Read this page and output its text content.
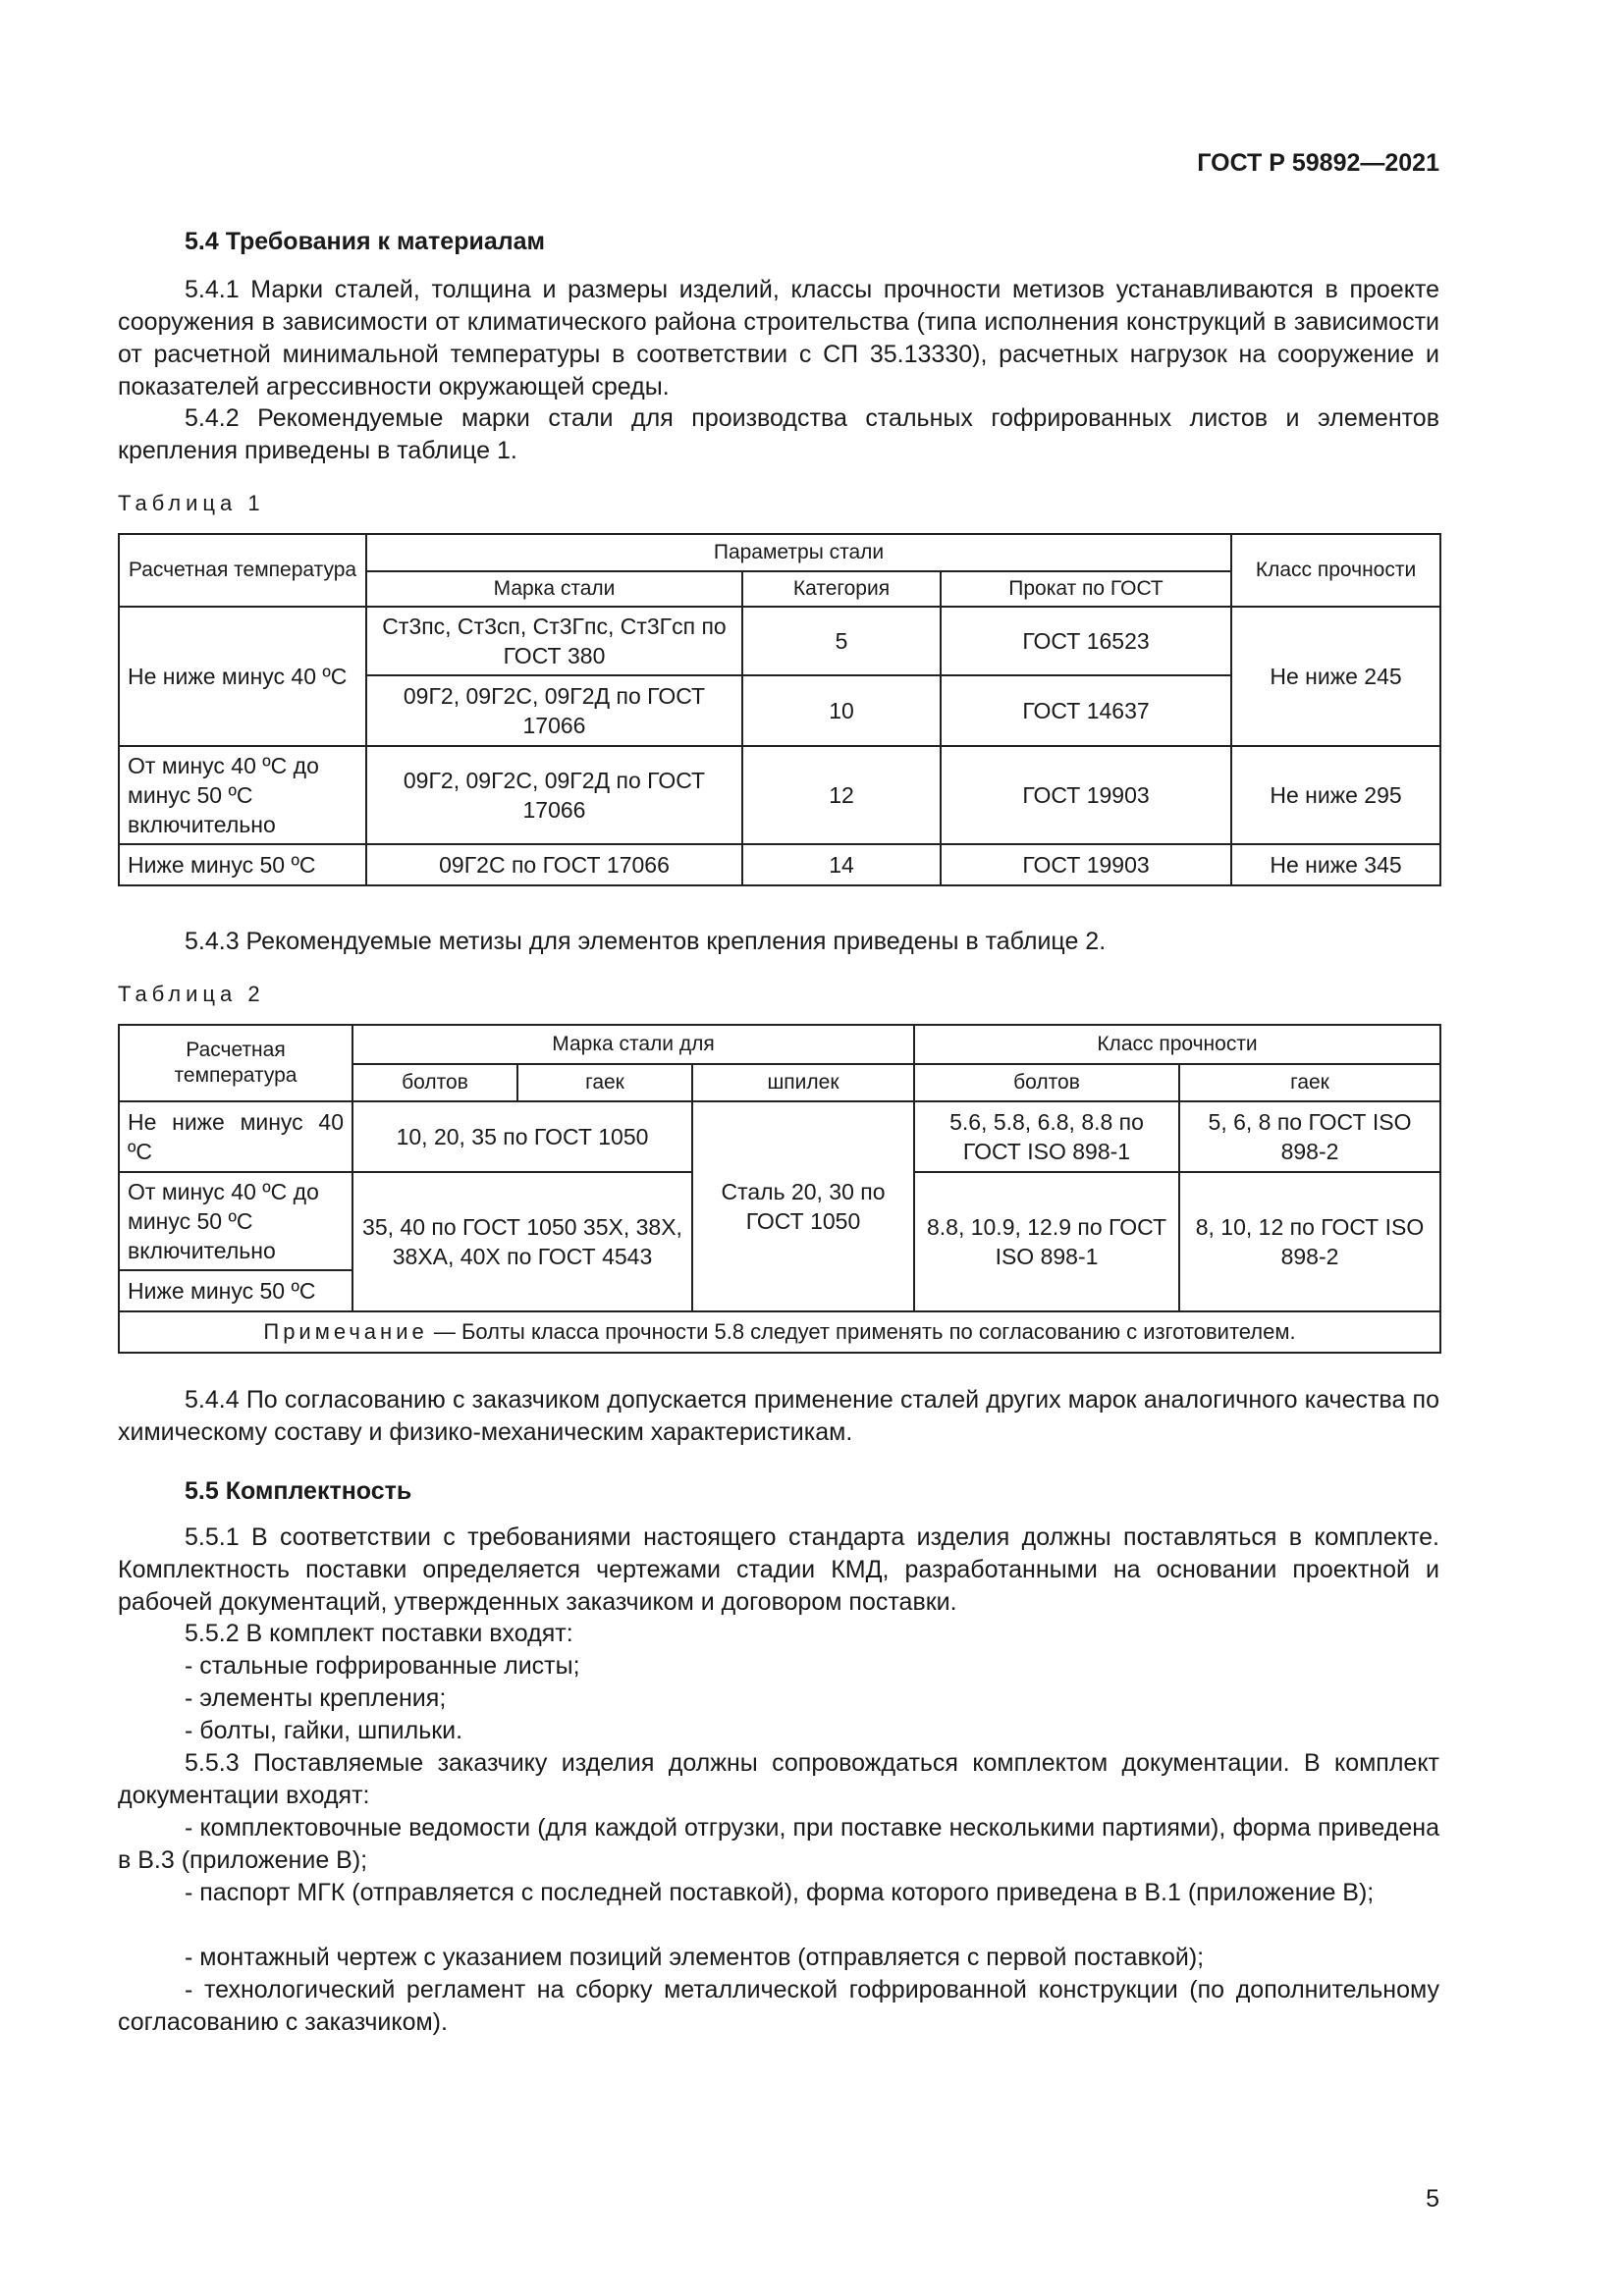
ГОСТ Р 59892—2021
5.4 Требования к материалам

5.4.1 Марки сталей, толщина и размеры изделий, классы прочности метизов устанавливаются в проекте сооружения в зависимости от климатического района строительства (типа исполнения конструкций в зависимости от расчетной минимальной температуры в соответствии с СП 35.13330), расчетных нагрузок на сооружение и показателей агрессивности окружающей среды.

5.4.2 Рекомендуемые марки стали для производства стальных гофрированных листов и элементов крепления приведены в таблице 1.

Таблица 1
Расчетная температура	Параметры стали			Класс прочности
	Марка стали	Категория	Прокат по ГОСТ	
Не ниже минус 40 ºС	Ст3пс, Ст3сп, Ст3Гпс, Ст3Гсп по ГОСТ 380	5	ГОСТ 16523	Не ниже 245
	09Г2, 09Г2С, 09Г2Д по ГОСТ 17066	10	ГОСТ 14637	
От минус 40 ºС до минус 50 ºС включительно	09Г2, 09Г2С, 09Г2Д по ГОСТ 17066	12	ГОСТ 19903	Не ниже 295
Ниже минус 50 ºС	09Г2С по ГОСТ 17066	14	ГОСТ 19903	Не ниже 345

5.4.3 Рекомендуемые метизы для элементов крепления приведены в таблице 2.

Таблица 2
Расчетная температура	Марка стали для			Класс прочности	
	болтов	гаек	шпилек	болтов	гаек
Не ниже минус 40 ºС	10, 20, 35 по ГОСТ 1050		Сталь 20, 30 по ГОСТ 1050	5.6, 5.8, 6.8, 8.8 по ГОСТ ISO 898-1	5, 6, 8 по ГОСТ ISO 898-2
От минус 40 ºС до минус 50 ºС включительно	35, 40 по ГОСТ 1050 35Х, 38Х, 38ХА, 40Х по ГОСТ 4543			8.8, 10.9, 12.9 по ГОСТ ISO 898-1	8, 10, 12 по ГОСТ ISO 898-2
Ниже минус 50 ºС					
Примечание — Болты класса прочности 5.8 следует применять по согласованию с изготовителем.					

5.4.4 По согласованию с заказчиком допускается применение сталей других марок аналогичного качества по химическому составу и физико-механическим характеристикам.

5.5 Комплектность

5.5.1 В соответствии с требованиями настоящего стандарта изделия должны поставляться в комплекте. Комплектность поставки определяется чертежами стадии КМД, разработанными на основании проектной и рабочей документаций, утвержденных заказчиком и договором поставки.

5.5.2 В комплект поставки входят:
- стальные гофрированные листы;
- элементы крепления;
- болты, гайки, шпильки.

5.5.3 Поставляемые заказчику изделия должны сопровождаться комплектом документации. В комплект документации входят:

- комплектовочные ведомости (для каждой отгрузки, при поставке несколькими партиями), форма приведена в В.3 (приложение В);

- паспорт МГК (отправляется с последней поставкой), форма которого приведена в В.1 (приложение В);

- монтажный чертеж с указанием позиций элементов (отправляется с первой поставкой);

- технологический регламент на сборку металлической гофрированной конструкции (по дополнительному согласованию с заказчиком).

5
